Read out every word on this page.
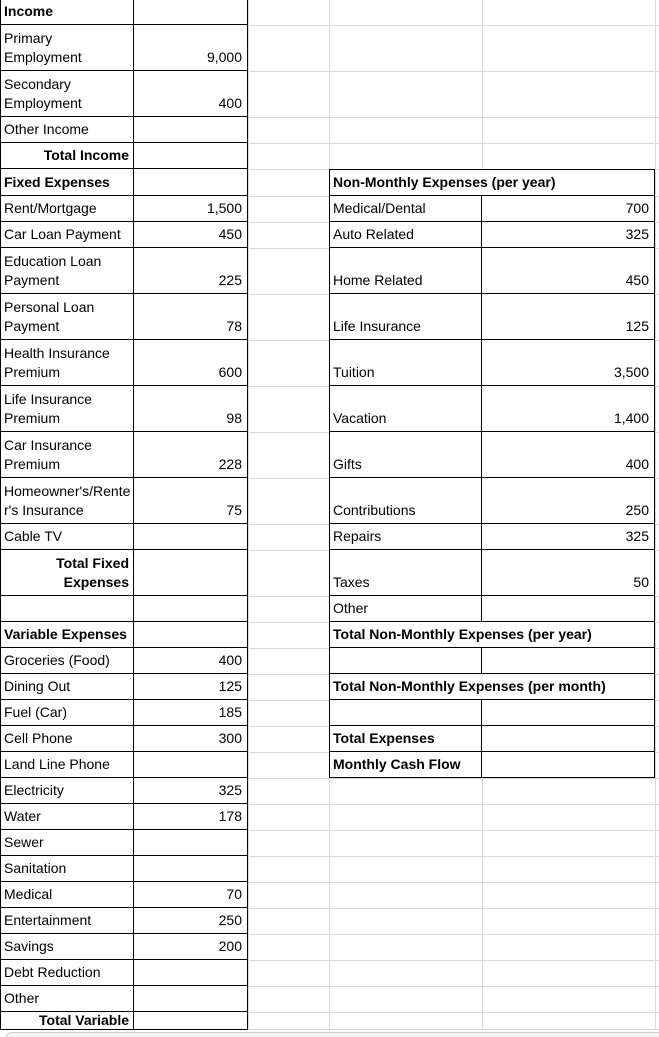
Income
Primary Employment	9,000
Secondary Employment	400
Other Income
Total Income
Fixed Expenses
Rent/Mortgage	1,500
Car Loan Payment	450
Education Loan Payment	225
Personal Loan Payment	78
Health Insurance Premium	600
Life Insurance Premium	98
Car Insurance Premium	228
Homeowner's/Renter's Insurance	75
Cable TV
Total Fixed Expenses
Variable Expenses
Groceries (Food)	400
Dining Out	125
Fuel (Car)	185
Cell Phone	300
Land Line Phone
Electricity	325
Water	178
Sewer
Sanitation
Medical	70
Entertainment	250
Savings	200
Debt Reduction
Other
Total Variable
Non-Monthly Expenses (per year)
Medical/Dental	700
Auto Related	325
Home Related	450
Life Insurance	125
Tuition	3,500
Vacation	1,400
Gifts	400
Contributions	250
Repairs	325
Taxes	50
Other
Total Non-Monthly Expenses (per year)
Total Non-Monthly Expenses (per month)
Total Expenses
Monthly Cash Flow
